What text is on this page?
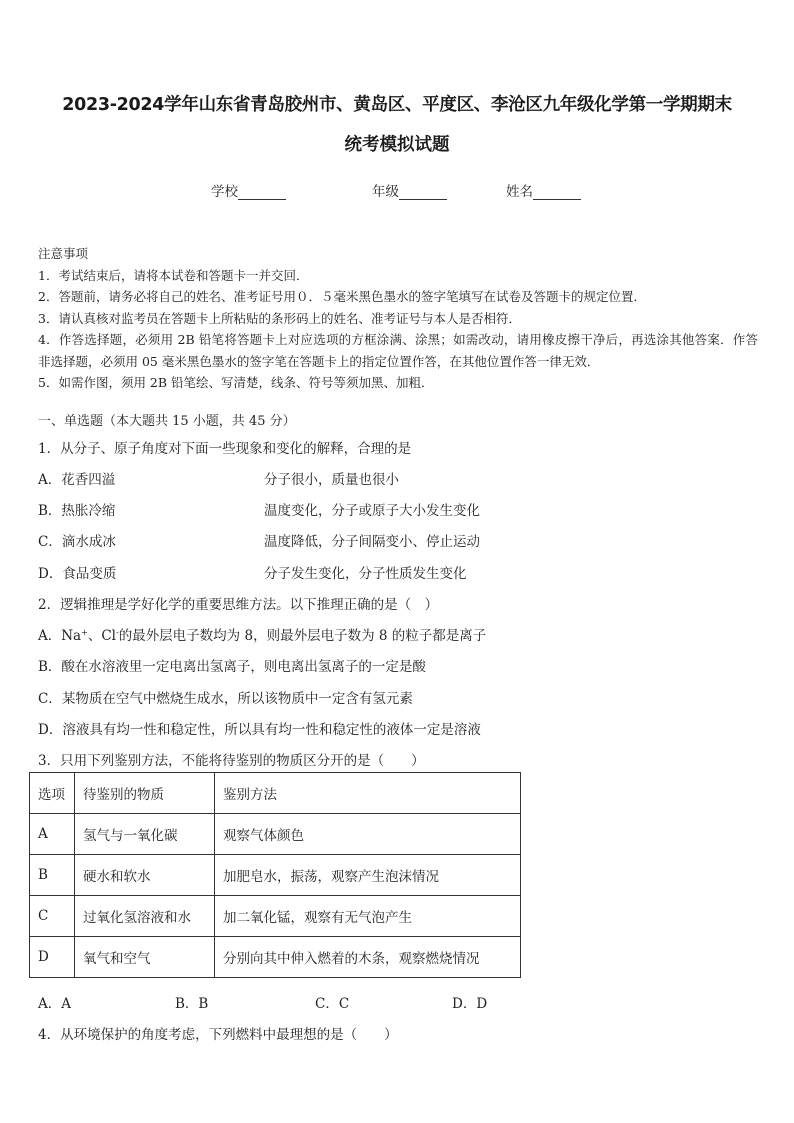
2023-2024学年山东省青岛胶州市、黄岛区、平度区、李沧区九年级化学第一学期期末
统考模拟试题
学校	年级	姓名
注意事项
1．考试结束后，请将本试卷和答题卡一并交回．
2．答题前，请务必将自己的姓名、准考证号用０．５毫米黑色墨水的签字笔填写在试卷及答题卡的规定位置．
3．请认真核对监考员在答题卡上所粘贴的条形码上的姓名、准考证号与本人是否相符．
4．作答选择题，必须用 2B 铅笔将答题卡上对应选项的方框涂满、涂黑；如需改动，请用橡皮擦干净后，再选涂其他答案．作答非选择题，必须用 05 毫米黑色墨水的签字笔在答题卡上的指定位置作答，在其他位置作答一律无效．
5．如需作图，须用 2B 铅笔绘、写清楚，线条、符号等须加黑、加粗．
一、单选题（本大题共 15 小题，共 45 分）
1．从分子、原子角度对下面一些现象和变化的解释，合理的是
A．花香四溢	分子很小，质量也很小
B．热胀冷缩	温度变化，分子或原子大小发生变化
C．滴水成冰	温度降低，分子间隔变小、停止运动
D．食品变质	分子发生变化，分子性质发生变化
2．逻辑推理是学好化学的重要思维方法。以下推理正确的是（　）
A．Na+、Cl-的最外层电子数均为 8，则最外层电子数为 8 的粒子都是离子
B．酸在水溶液里一定电离出氢离子，则电离出氢离子的一定是酸
C．某物质在空气中燃烧生成水，所以该物质中一定含有氢元素
D．溶液具有均一性和稳定性，所以具有均一性和稳定性的液体一定是溶液
3．只用下列鉴别方法，不能将待鉴别的物质区分开的是（　　）
选项	待鉴别的物质	鉴别方法
A	氢气与一氧化碳	观察气体颜色
B	硬水和软水	加肥皂水，振荡，观察产生泡沫情况
C	过氧化氢溶液和水	加二氧化锰，观察有无气泡产生
D	氧气和空气	分别向其中伸入燃着的木条，观察燃烧情况
A．A	B．B	C．C	D．D
4．从环境保护的角度考虑，下列燃料中最理想的是（　　）
